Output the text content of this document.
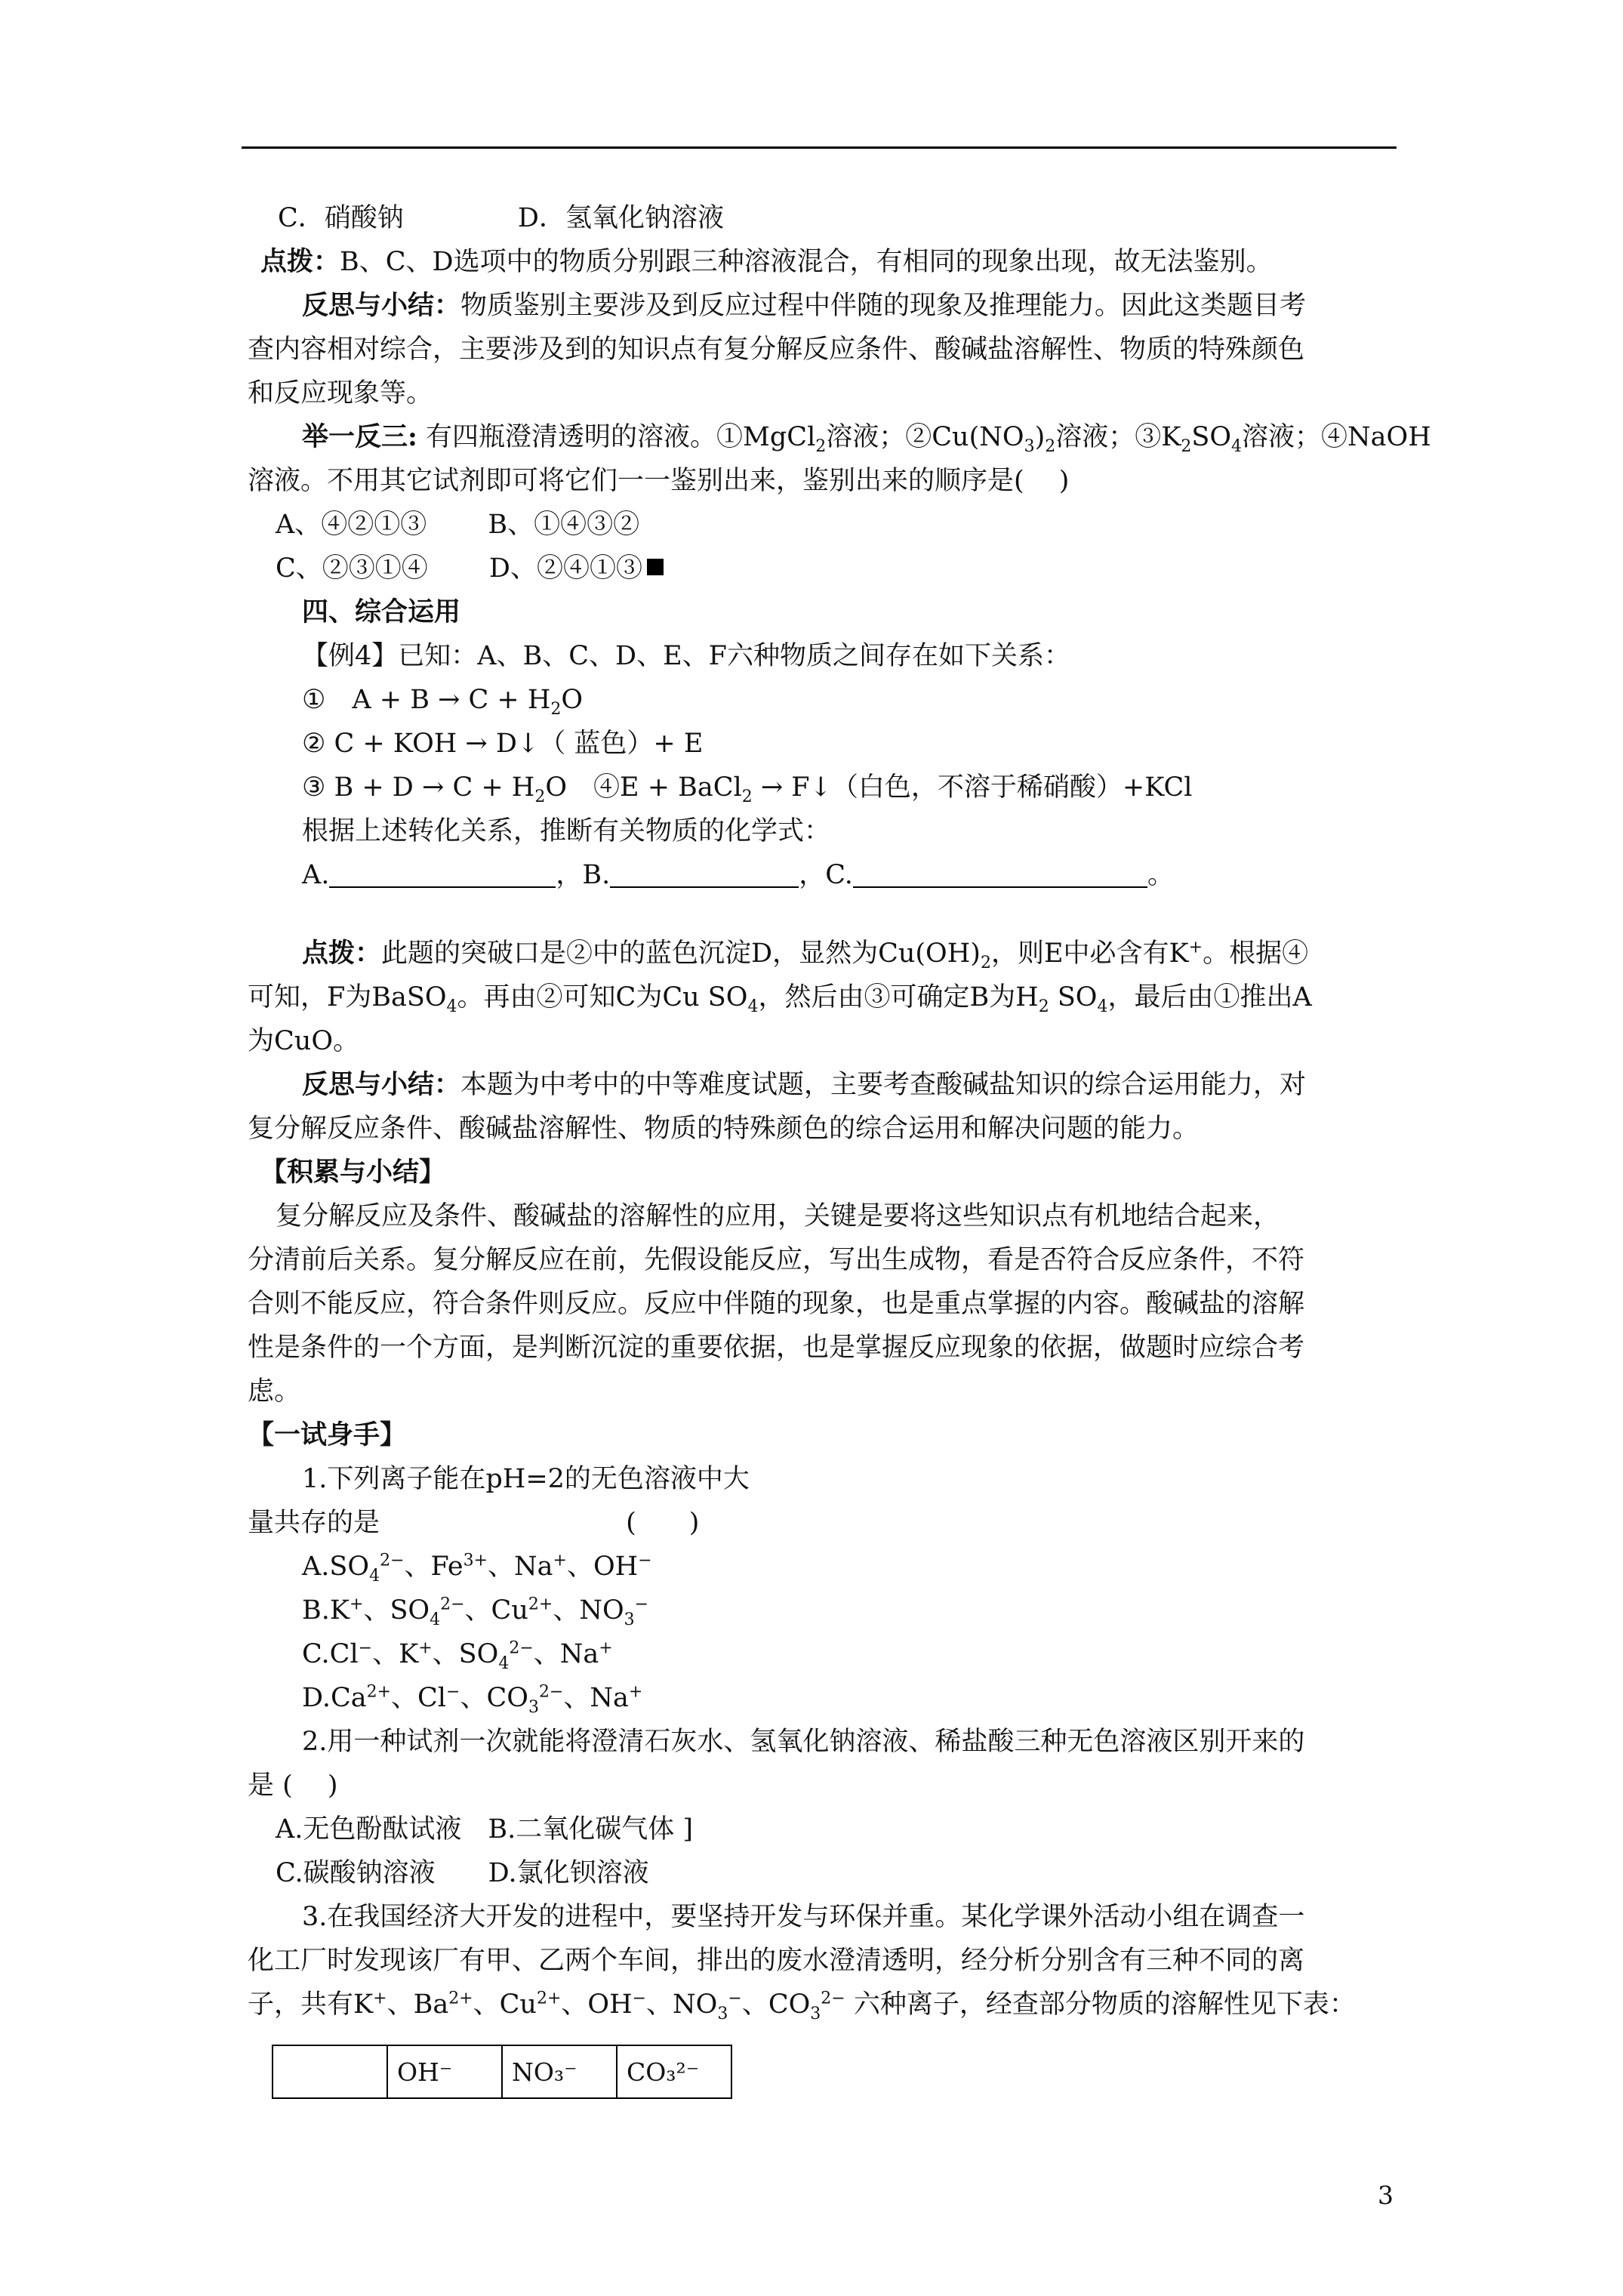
C．硝酸钠 　　　　D．氢氧化钠溶液
点拨：B、C、D选项中的物质分别跟三种溶液混合，有相同的现象出现，故无法鉴别。
反思与小结：物质鉴别主要涉及到反应过程中伴随的现象及推理能力。因此这类题目考
查内容相对综合，主要涉及到的知识点有复分解反应条件、酸碱盐溶解性、物质的特殊颜色
和反应现象等。
举一反三: 有四瓶澄清透明的溶液。①MgCl$_2$溶液；$②Cu(NO_3)_2$溶液；$③K_2SO_4$溶液；④NaOH
溶液。不用其它试剂即可将它们一一鉴别出来，鉴别出来的顺序是(　 )
A、④②①③　　 B、①④③②
C、②③①④　　 D、②④①③
四、综合运用
【例4】已知：A、B、C、D、E、F六种物质之间存在如下关系：
①　$A + B \to C + H_2O$
② C + KOH → D↓（ 蓝色）+ E
③ $B + D \to C + H_2O$　④E + BaCl$_2$ → F↓（白色，不溶于稀硝酸）+KCl
根据上述转化关系，推断有关物质的化学式：
A.	，B.	，C.	。
点拨：此题的突破口是②中的蓝色沉淀D，显然为$Cu(OH)_2$，则E中必含有K+。根据④
可知，F为BaSO$_4$。再由②可知C为Cu $SO_4$，然后由③可确定B为$H_2$ $SO_4$，最后由①推出A
为CuO。
反思与小结：本题为中考中的中等难度试题，主要考查酸碱盐知识的综合运用能力，对
复分解反应条件、酸碱盐溶解性、物质的特殊颜色的综合运用和解决问题的能力。
【积累与小结】
复分解反应及条件、酸碱盐的溶解性的应用，关键是要将这些知识点有机地结合起来，
分清前后关系。复分解反应在前，先假设能反应，写出生成物，看是否符合反应条件，不符
合则不能反应，符合条件则反应。反应中伴随的现象，也是重点掌握的内容。酸碱盐的溶解
性是条件的一个方面，是判断沉淀的重要依据，也是掌握反应现象的依据，做题时应综合考
虑。
【一试身手】
1.下列离子能在pH=2的无色溶液中大
量共存的是　　　　　　　　　 (　　)
$A.SO_4^{2-}$、$Fe^{3+}$、Na+、OH−
B.K+、$SO_4^{2-}$、$Cu^{2+}$、$NO_3^-$
C.Cl−、K+、$SO_4^{2-}$、Na+
$D.Ca^{2+}$、Cl−、$CO_3^{2-}$、Na+
2.用一种试剂一次就能将澄清石灰水、氢氧化钠溶液、稀盐酸三种无色溶液区别开来的
是 (　 )
A.无色酚酞试液　B.二氧化碳气体 ]
C.碳酸钠溶液　　D.氯化钡溶液
3.在我国经济大开发的进程中，要坚持开发与环保并重。某化学课外活动小组在调查一
化工厂时发现该厂有甲、乙两个车间，排出的废水澄清透明，经分析分别含有三种不同的离
子，共有K+、$Ba^{2+}$、$Cu^{2+}$、OH−、$NO_3^-$、$CO_3^{2-}$ 六种离子，经查部分物质的溶解性见下表：
	OH⁻	NO₃⁻	CO₃²⁻
3
